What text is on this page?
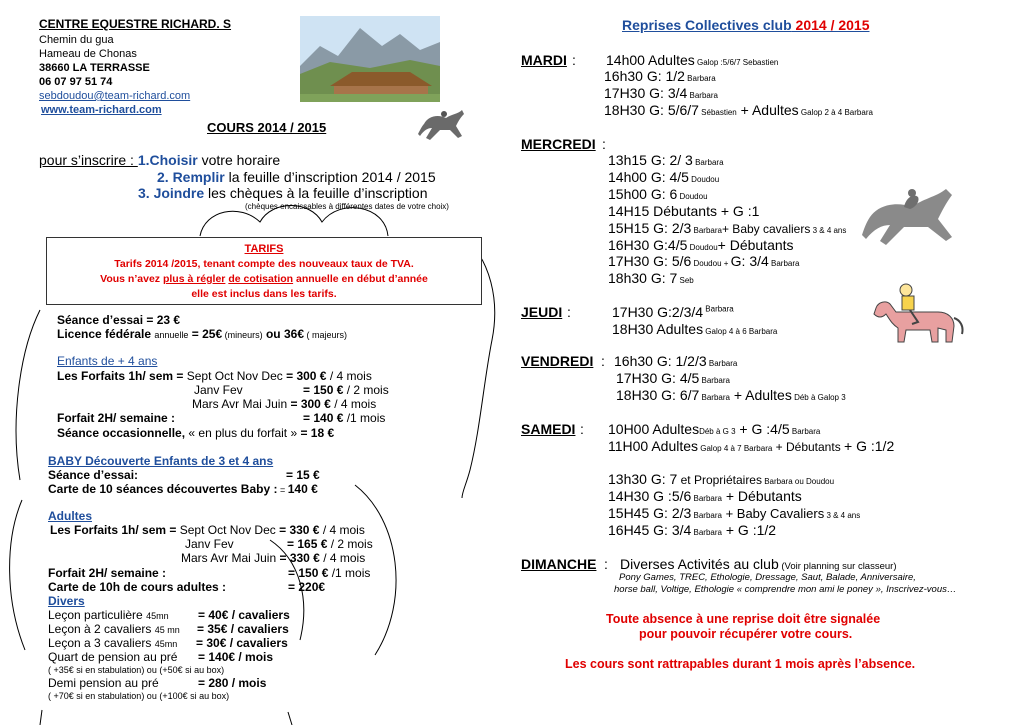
CENTRE EQUESTRE RICHARD. S
Chemin du gua
Hameau de Chonas
38660 LA TERRASSE
06 07 97 51 74
sebdoudou@team-richard.com
www.team-richard.com
COURS 2014 / 2015
pour s’inscrire : 1.Choisir votre horaire
2. Remplir la feuille d’inscription 2014 / 2015
3. Joindre les chèques à la feuille d’inscription
(chèques encaissables à différentes dates de votre choix)
TARIFS
Tarifs 2014 /2015, tenant compte des nouveaux taux de TVA.
Vous n’avez plus à régler de cotisation annuelle en début d’année
elle est inclus dans les tarifs.
Séance d’essai = 23 €
Licence fédérale annuelle = 25€ (mineurs) ou 36€ ( majeurs)
Enfants de + 4 ans
Les Forfaits 1h/ sem = Sept Oct Nov Dec = 300 € / 4 mois
Janv Fev	= 150 € / 2 mois
Mars Avr Mai Juin = 300 € / 4 mois
Forfait 2H/ semaine :	= 140 € /1 mois
Séance occasionnelle, « en plus du forfait » = 18 €
BABY Découverte Enfants de 3 et 4 ans
Séance d’essai:	= 15 €
Carte de 10 séances découvertes Baby : = 140 €
Adultes
Les Forfaits 1h/ sem = Sept Oct Nov Dec = 330 € / 4 mois
Janv Fev	= 165 € / 2 mois
Mars Avr Mai Juin = 330 € / 4 mois
Forfait 2H/ semaine :	= 150 € /1 mois
Carte de 10h de cours adultes :	= 220€
Divers
Leçon particulière 45mn = 40€ / cavaliers
Leçon à 2 cavaliers 45 mn = 35€ / cavaliers
Leçon a 3 cavaliers 45mn = 30€ / cavaliers
Quart de pension au pré = 140€ / mois
( +35€ si en stabulation) ou (+50€ si au box)
Demi pension au pré	= 280 / mois
( +70€ si en stabulation) ou (+100€ si au box)
Reprises Collectives club 2014 / 2015
MARDI : 14h00 Adultes Galop :5/6/7 Sebastien
16h30 G: 1/2 Barbara
17H30 G: 3/4 Barbara
18H30 G: 5/6/7 Sébastien + Adultes Galop 2 à 4 Barbara
MERCREDI :
13h15 G: 2/ 3 Barbara
14h00 G: 4/5 Doudou
15h00 G: 6 Doudou
14H15 Débutants + G :1
15H15 G: 2/3 Barbara+ Baby cavaliers 3 & 4 ans
16H30 G:4/5 Doudou+ Débutants
17H30 G: 5/6 Doudou + G: 3/4 Barbara
18h30 G: 7 Seb
JEUDI :	17H30 G:2/3/4 $^{Barbara}$
18H30 Adultes Galop 4 à 6 Barbara
VENDREDI : 16h30 G: 1/2/3 Barbara
17H30 G: 4/5 Barbara
18H30 G: 6/7 Barbara + Adultes Déb à Galop 3
SAMEDI : 10H00 AdultesDéb à G 3 + G :4/5 Barbara
11H00 Adultes Galop 4 à 7 Barbara + Débutants + G :1/2
13h30 G: 7 et Propriétaires Barbara ou Doudou
14H30 G :5/6 Barbara + Débutants
15H45 G: 2/3 Barbara + Baby Cavaliers 3 & 4 ans
16H45 G: 3/4 Barbara + G :1/2
DIMANCHE : Diverses Activités au club (Voir planning sur classeur)
Pony Games, TREC, Ethologie, Dressage, Saut, Balade, Anniversaire,
horse ball, Voltige, Ethologie « comprendre mon ami le poney », Inscrivez-vous…
Toute absence à une reprise doit être signalée
pour pouvoir récupérer votre cours.
Les cours sont rattrapables durant 1 mois après l’absence.
